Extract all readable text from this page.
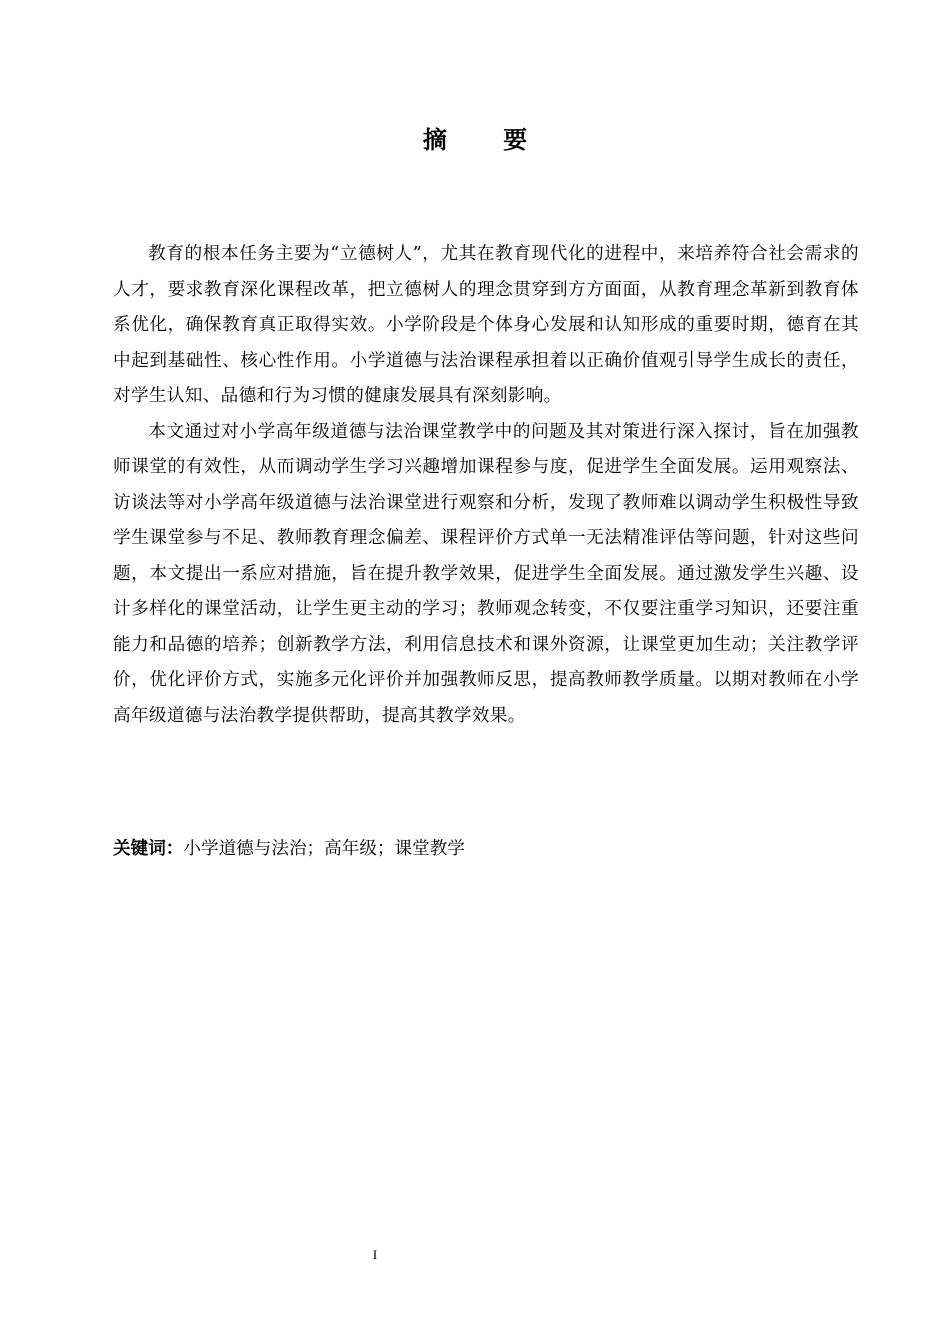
摘 要

教育的根本任务主要为“立德树人”，尤其在教育现代化的进程中，来培养符合社会需求的人才，要求教育深化课程改革，把立德树人的理念贯穿到方方面面，从教育理念革新到教育体系优化，确保教育真正取得实效。小学阶段是个体身心发展和认知形成的重要时期，德育在其中起到基础性、核心性作用。小学道德与法治课程承担着以正确价值观引导学生成长的责任，对学生认知、品德和行为习惯的健康发展具有深刻影响。

本文通过对小学高年级道德与法治课堂教学中的问题及其对策进行深入探讨，旨在加强教师课堂的有效性，从而调动学生学习兴趣增加课程参与度，促进学生全面发展。运用观察法、访谈法等对小学高年级道德与法治课堂进行观察和分析，发现了教师难以调动学生积极性导致学生课堂参与不足、教师教育理念偏差、课程评价方式单一无法精准评估等问题，针对这些问题，本文提出一系应对措施，旨在提升教学效果，促进学生全面发展。通过激发学生兴趣、设计多样化的课堂活动，让学生更主动的学习；教师观念转变，不仅要注重学习知识，还要注重能力和品德的培养；创新教学方法，利用信息技术和课外资源，让课堂更加生动；关注教学评价，优化评价方式，实施多元化评价并加强教师反思，提高教师教学质量。以期对教师在小学高年级道德与法治教学提供帮助，提高其教学效果。

关键词：小学道德与法治；高年级；课堂教学

I
